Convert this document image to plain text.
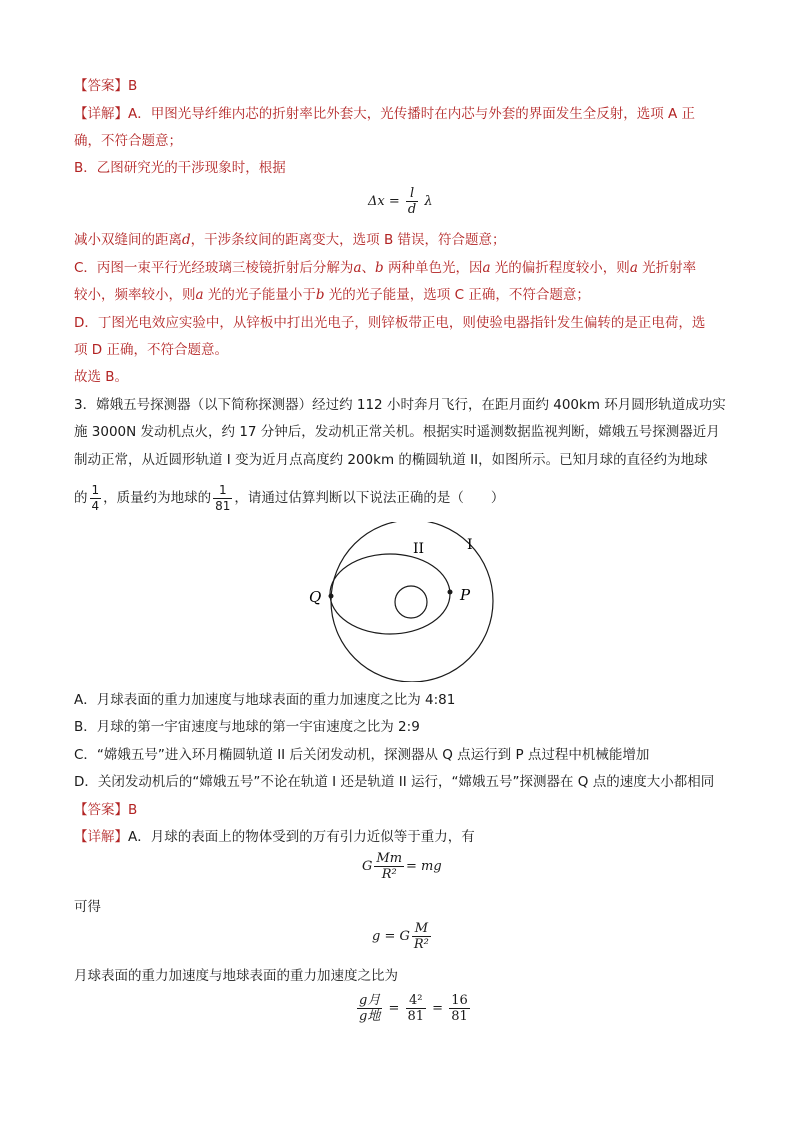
【答案】B
【详解】A．甲图光导纤维内芯的折射率比外套大，光传播时在内芯与外套的界面发生全反射，选项 A 正
确，不符合题意；
B．乙图研究光的干涉现象时，根据
$\Delta x = \frac{l}{d}$ λ
减小双缝间的距离d，干涉条纹间的距离变大，选项 B 错误，符合题意；
C．丙图一束平行光经玻璃三棱镜折射后分解为a、b 两种单色光，因a 光的偏折程度较小，则a 光折射率
较小，频率较小，则a 光的光子能量小于b 光的光子能量，选项 C 正确，不符合题意；
D．丁图光电效应实验中，从锌板中打出光电子，则锌板带正电，则使验电器指针发生偏转的是正电荷，选
项 D 正确，不符合题意。
故选 B。
3．嫦娥五号探测器（以下简称探测器）经过约 112 小时奔月飞行，在距月面约 400km 环月圆形轨道成功实
施 3000N 发动机点火，约 17 分钟后，发动机正常关机。根据实时遥测数据监视判断，嫦娥五号探测器近月
制动正常，从近圆形轨道 I 变为近月点高度约 200km 的椭圆轨道 II，如图所示。已知月球的直径约为地球
的 $\frac{1}{4}$ ，质量约为地球的 $\frac{1}{81}$ ，请通过估算判断以下说法正确的是（　　）
II	I
Q	P
A．月球表面的重力加速度与地球表面的重力加速度之比为 4:81
B．月球的第一宇宙速度与地球的第一宇宙速度之比为 2:9
C．“嫦娥五号”进入环月椭圆轨道 II 后关闭发动机，探测器从 Q 点运行到 P 点过程中机械能增加
D．关闭发动机后的“嫦娥五号”不论在轨道 I 还是轨道 II 运行，“嫦娥五号”探测器在 Q 点的速度大小都相同
【答案】B
【详解】A．月球的表面上的物体受到的万有引力近似等于重力，有
G $\frac{Mm}{\text{R²}}$ = mg
可得
g = G $\frac{M}{\text{R²}}$
月球表面的重力加速度与地球表面的重力加速度之比为
$\frac{\text{g月}}{\text{g地}} = \frac{\text{4²}}{81} = \frac{16}{81}$
